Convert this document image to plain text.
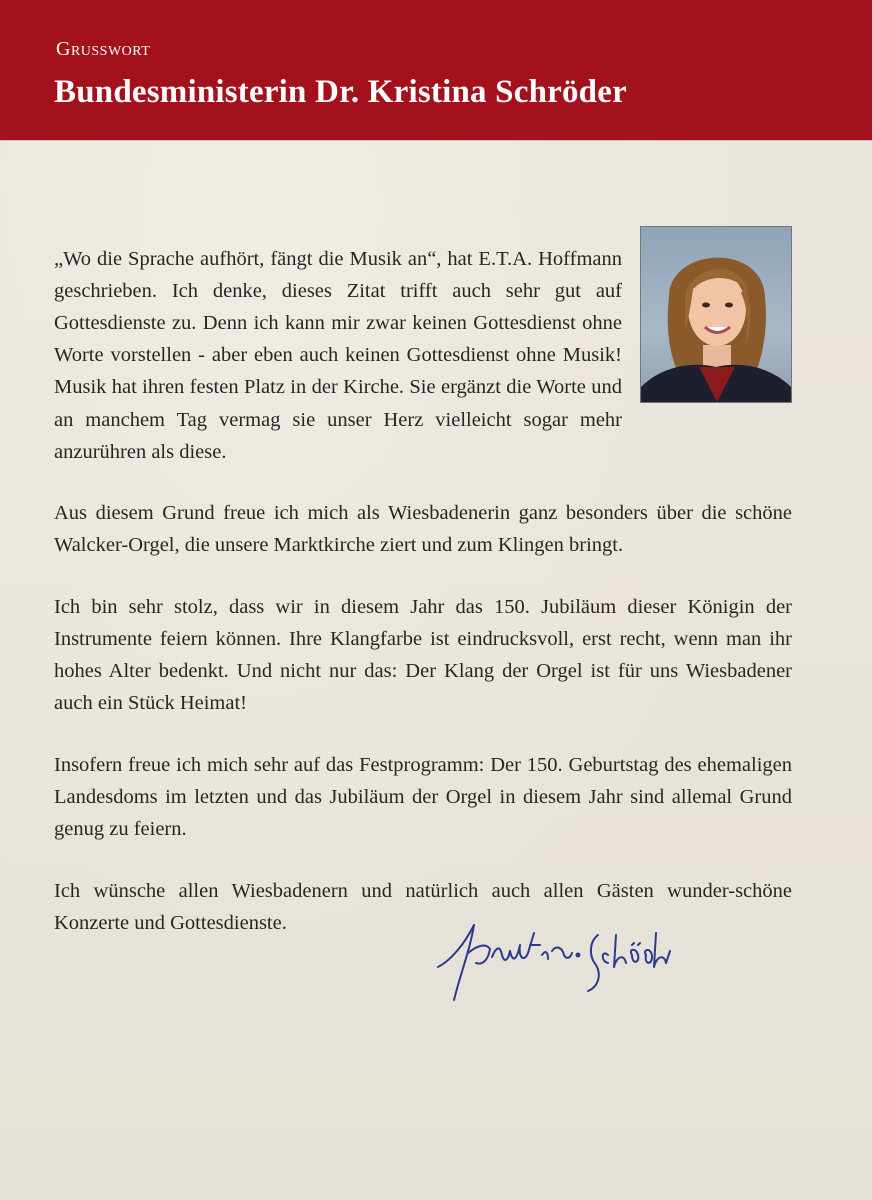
Grusswort
Bundesministerin Dr. Kristina Schröder

„Wo die Sprache aufhört, fängt die Musik an“, hat E.T.A. Hoffmann geschrieben. Ich denke, dieses Zitat trifft auch sehr gut auf Gottesdienste zu. Denn ich kann mir zwar keinen Gottesdienst ohne Worte vorstellen - aber eben auch keinen Gottesdienst ohne Musik! Musik hat ihren festen Platz in der Kirche. Sie ergänzt die Worte und an manchem Tag vermag sie unser Herz vielleicht sogar mehr anzurühren als diese.

Aus diesem Grund freue ich mich als Wiesbadenerin ganz besonders über die schöne Walcker-Orgel, die unsere Marktkirche ziert und zum Klingen bringt.

Ich bin sehr stolz, dass wir in diesem Jahr das 150. Jubiläum dieser Königin der Instrumente feiern können. Ihre Klangfarbe ist eindrucksvoll, erst recht, wenn man ihr hohes Alter bedenkt. Und nicht nur das: Der Klang der Orgel ist für uns Wiesbadener auch ein Stück Heimat!

Insofern freue ich mich sehr auf das Festprogramm: Der 150. Geburtstag des ehemaligen Landesdoms im letzten und das Jubiläum der Orgel in diesem Jahr sind allemal Grund genug zu feiern.

Ich wünsche allen Wiesbadenern und natürlich auch allen Gästen wunder-schöne Konzerte und Gottesdienste.
